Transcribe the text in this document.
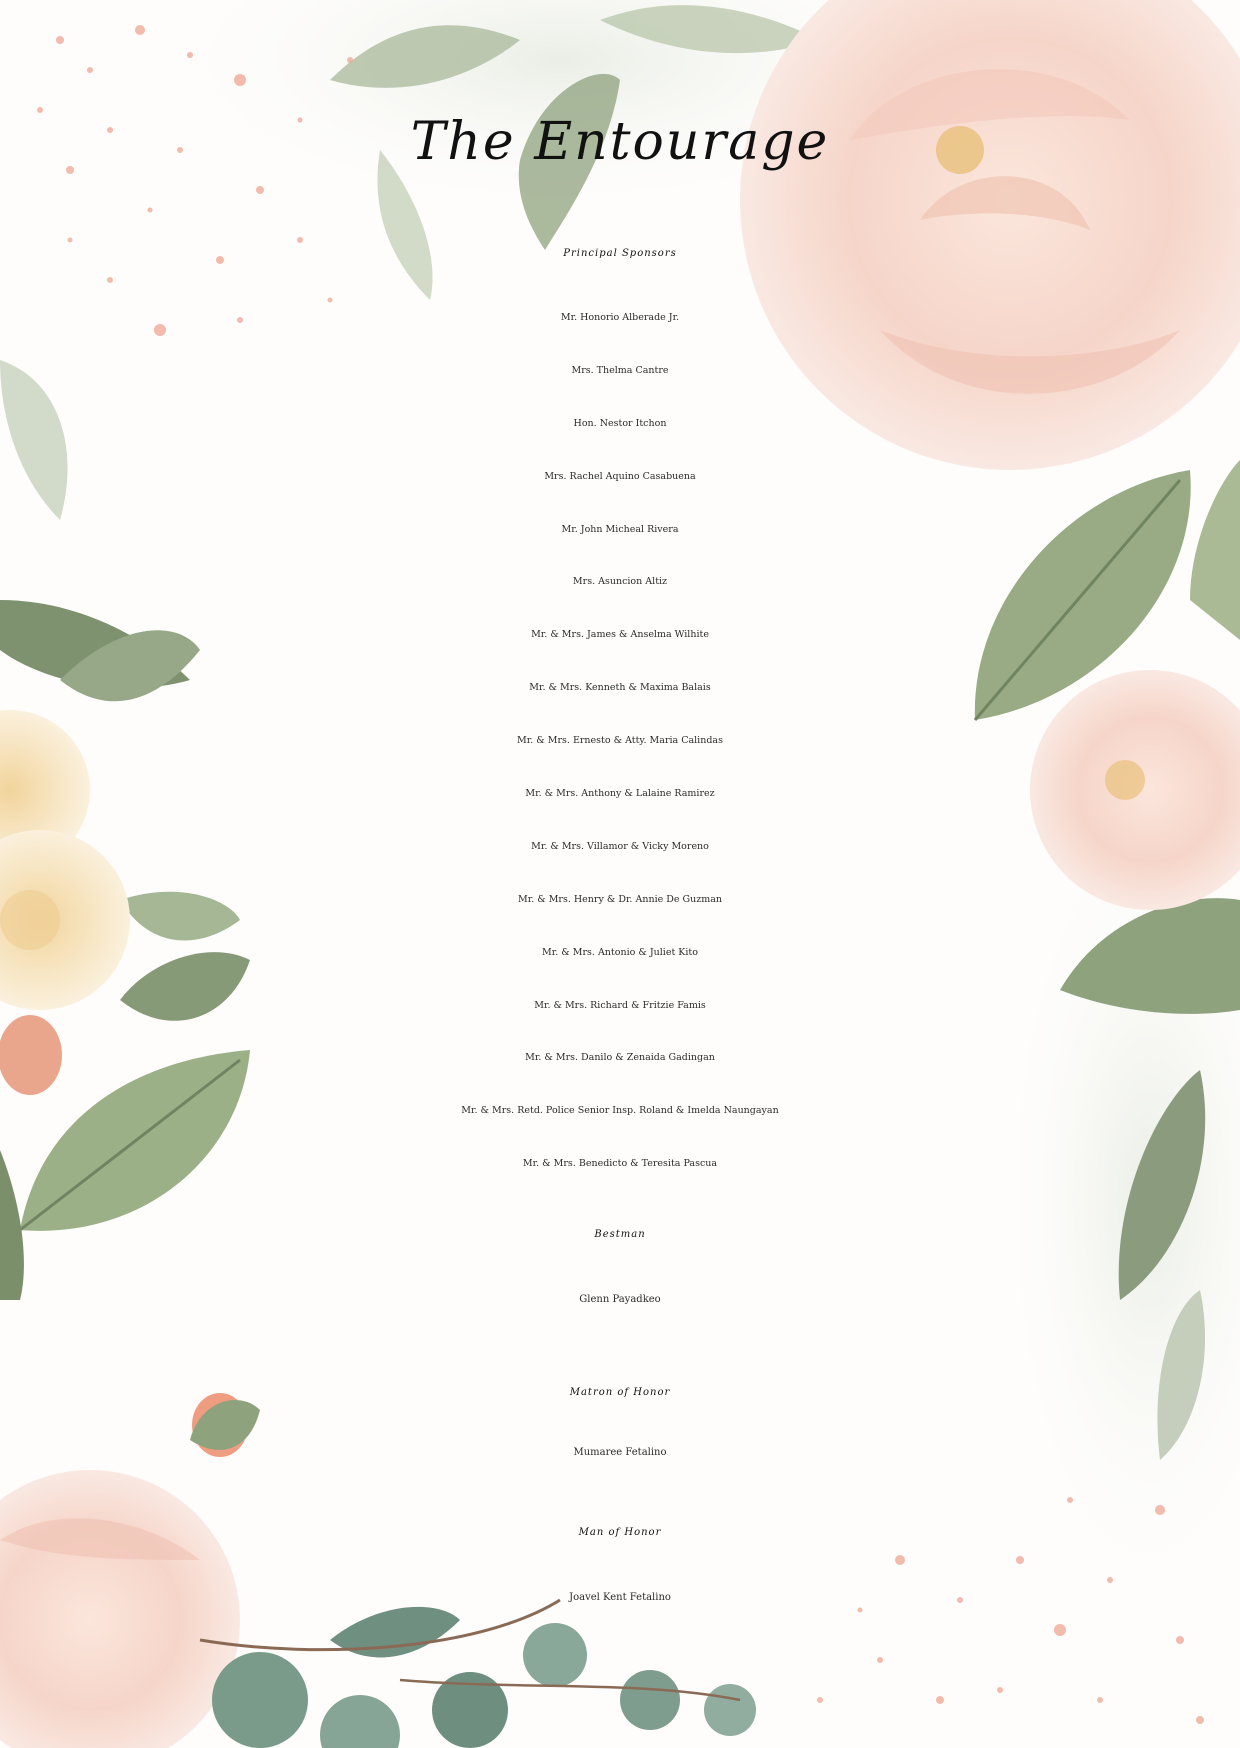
The Entourage
Principal Sponsors
Mr. Honorio Alberade Jr.
Mrs. Thelma Cantre
Hon. Nestor Itchon
Mrs. Rachel Aquino Casabuena
Mr. John Micheal Rivera
Mrs. Asuncion Altiz
Mr. & Mrs. James & Anselma Wilhite
Mr. & Mrs. Kenneth & Maxima Balais
Mr. & Mrs. Ernesto & Atty. Maria Calindas
Mr. & Mrs. Anthony & Lalaine Ramirez
Mr. & Mrs. Villamor & Vicky Moreno
Mr. & Mrs. Henry & Dr. Annie De Guzman
Mr. & Mrs. Antonio & Juliet Kito
Mr. & Mrs. Richard & Fritzie Famis
Mr. & Mrs. Danilo & Zenaida Gadingan
Mr. & Mrs. Retd. Police Senior Insp. Roland & Imelda Naungayan
Mr. & Mrs. Benedicto & Teresita Pascua
Bestman
Glenn Payadkeo
Matron of Honor
Mumaree Fetalino
Man of Honor
Joavel Kent Fetalino
